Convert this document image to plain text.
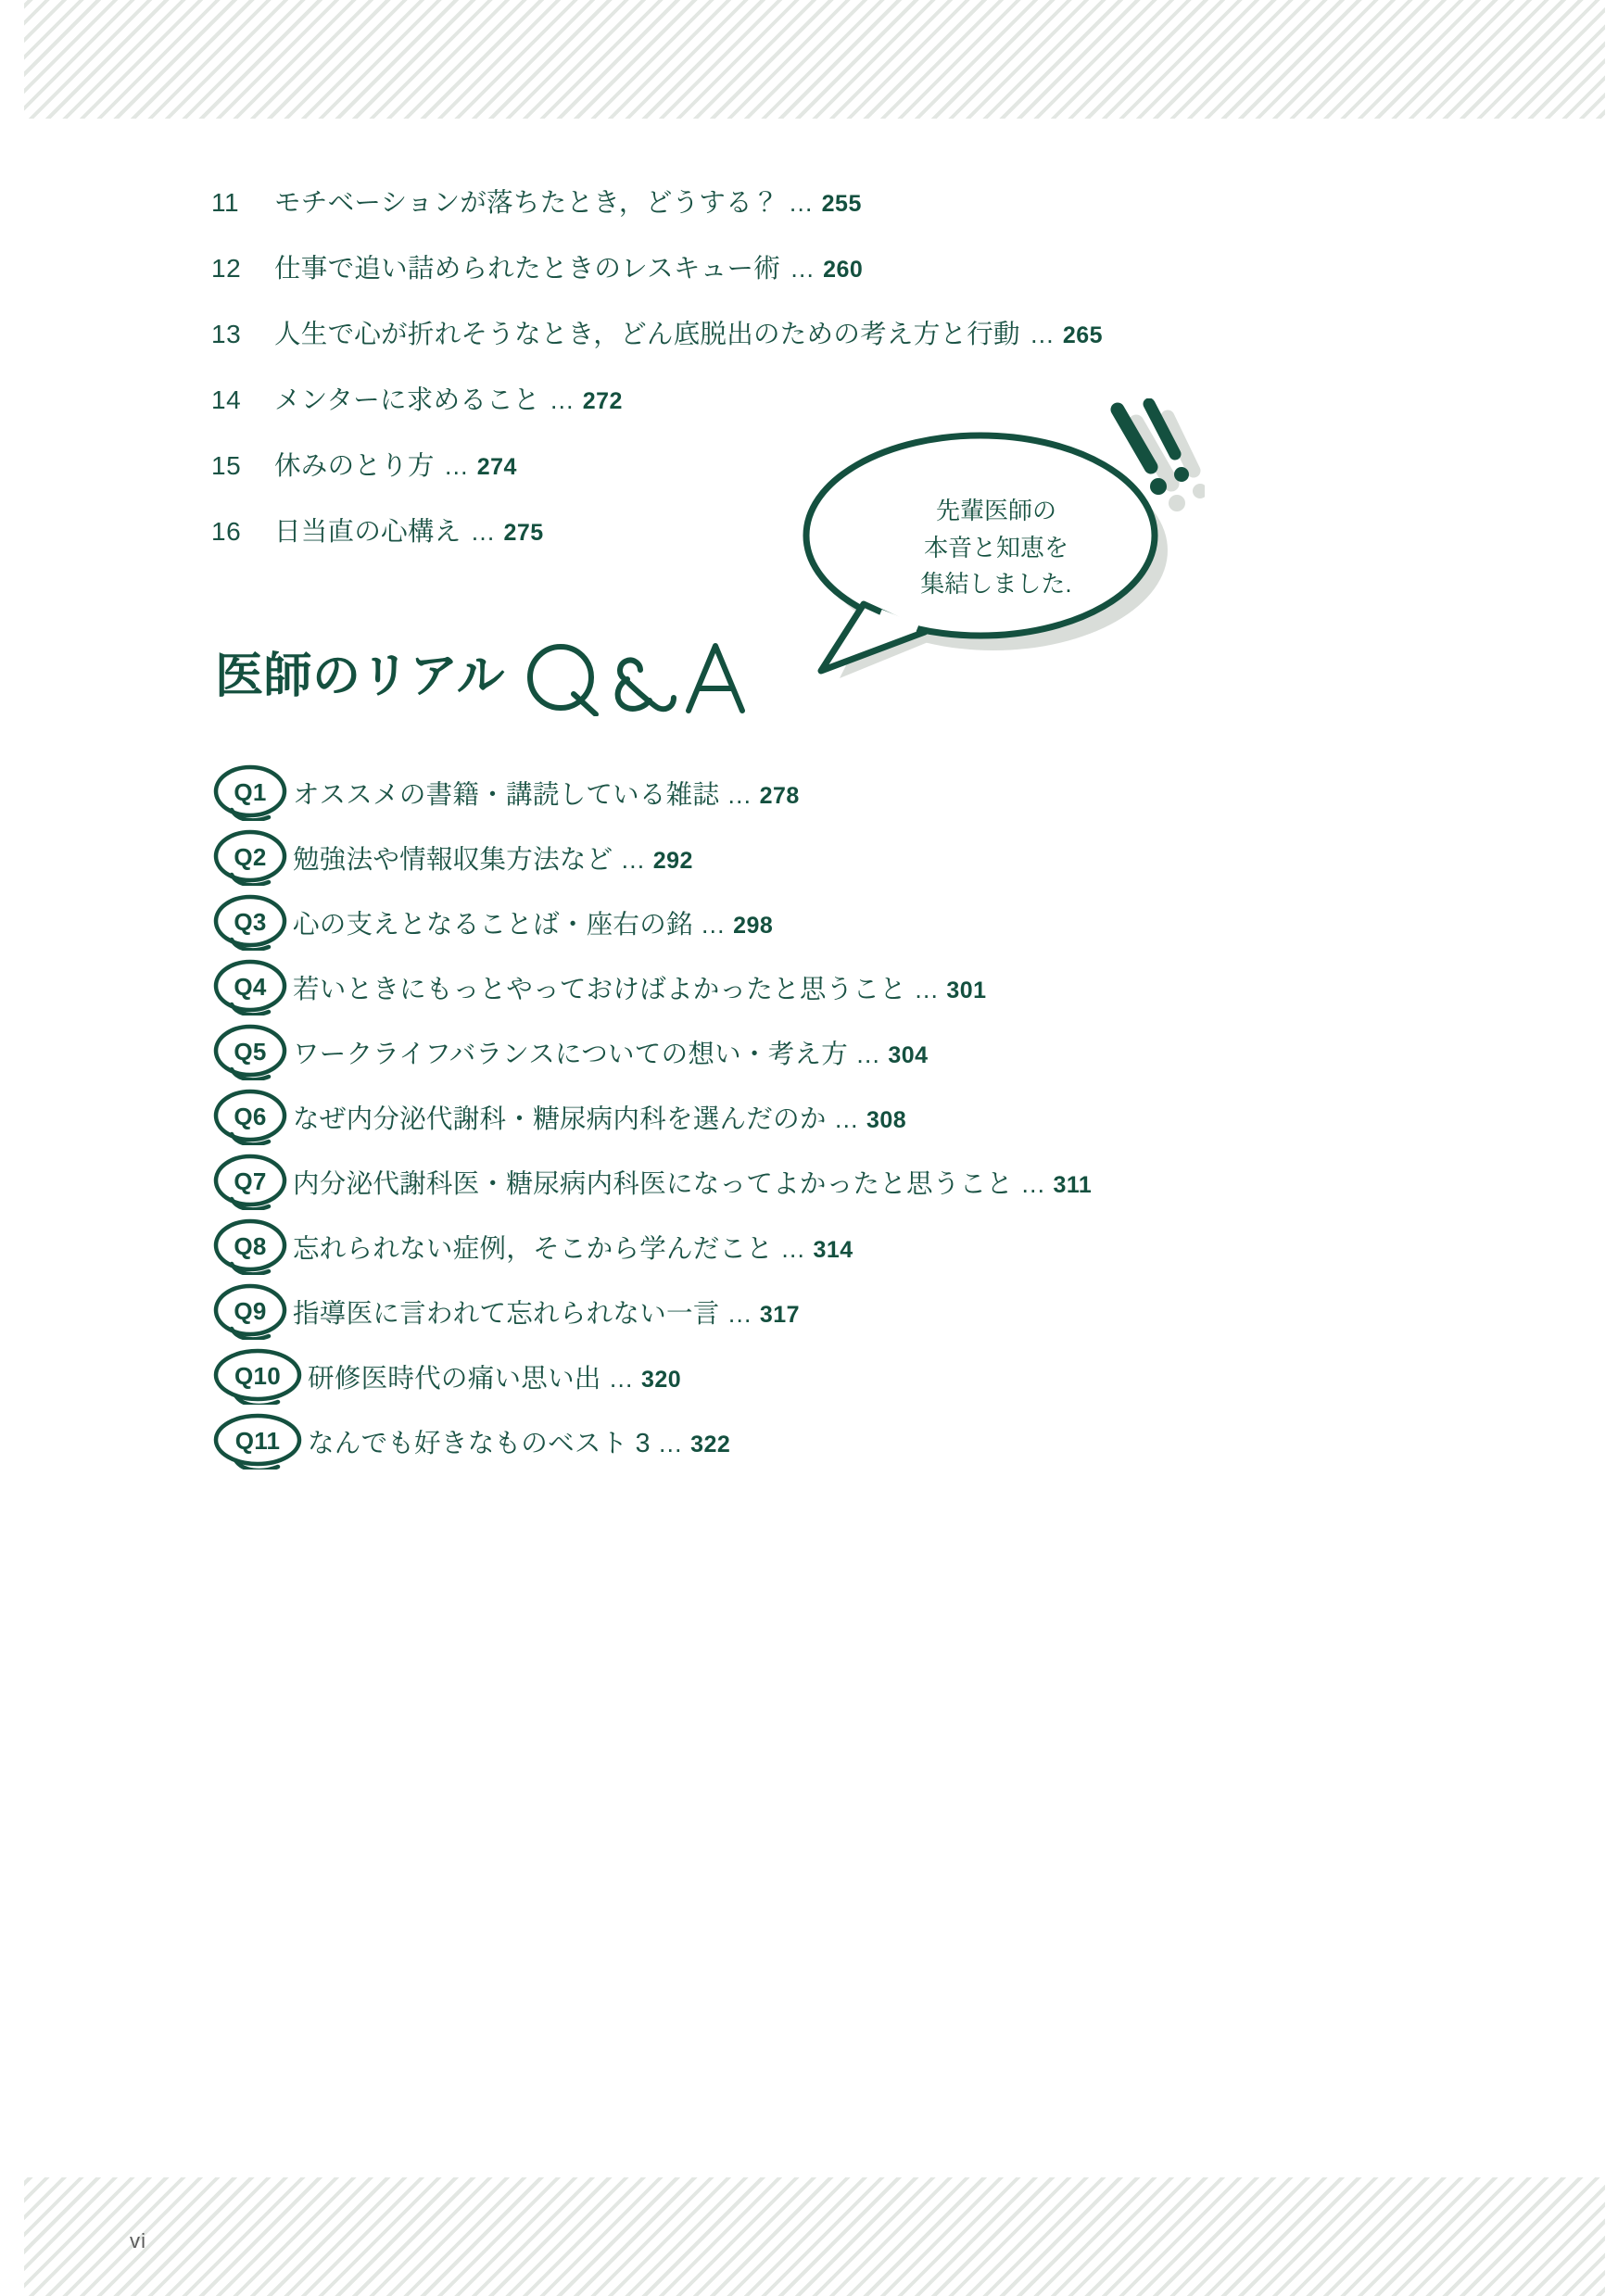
11	モチベーションが落ちたとき，どうする？ … 255
12	仕事で追い詰められたときのレスキュー術 … 260
13	人生で心が折れそうなとき，どん底脱出のための考え方と行動 … 265
14	メンターに求めること … 272
15	休みのとり方 … 274
16	日当直の心構え … 275
先輩医師の
本音と知恵を
集結しました.
医師のリアル
Q1 オススメの書籍・講読している雑誌 … 278
Q2 勉強法や情報収集方法など … 292
Q3 心の支えとなることば・座右の銘 … 298
Q4 若いときにもっとやっておけばよかったと思うこと … 301
Q5 ワークライフバランスについての想い・考え方 … 304
Q6 なぜ内分泌代謝科・糖尿病内科を選んだのか … 308
Q7 内分泌代謝科医・糖尿病内科医になってよかったと思うこと … 311
Q8 忘れられない症例，そこから学んだこと … 314
Q9 指導医に言われて忘れられない一言 … 317
Q10 研修医時代の痛い思い出 … 320
Q11 なんでも好きなものベスト 3 … 322
vi
